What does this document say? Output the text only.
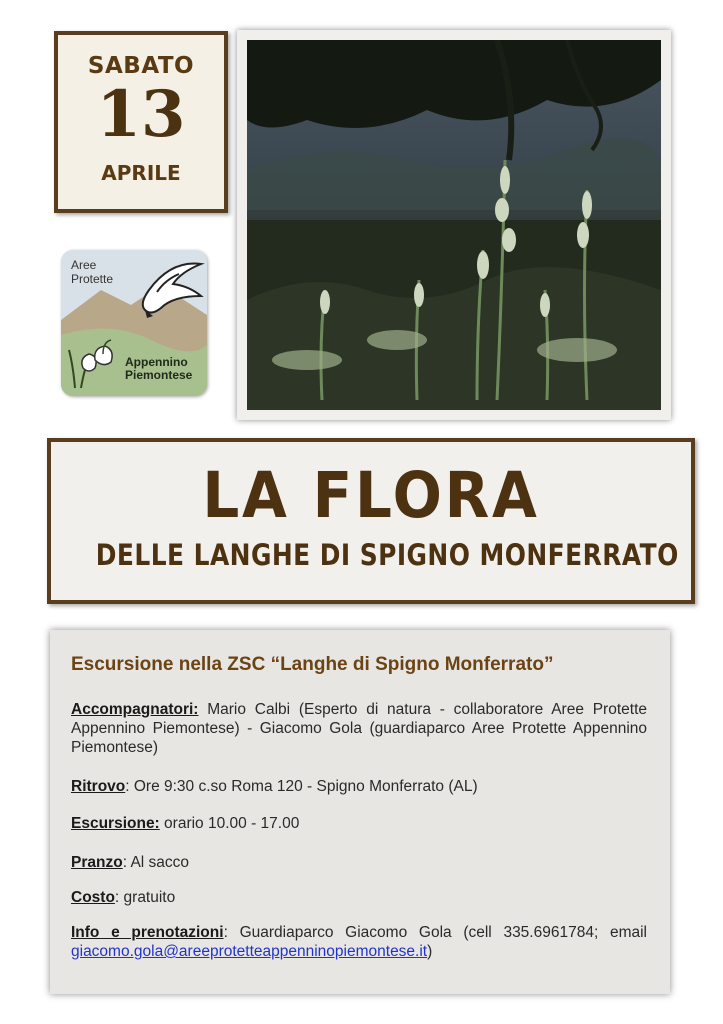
SABATO
13
APRILE
Aree
Protette
Appennino
Piemontese
LA FLORA
DELLE LANGHE DI SPIGNO MONFERRATO
Escursione nella ZSC “Langhe di Spigno Monferrato”
Accompagnatori: Mario Calbi (Esperto di natura - collaboratore Aree Protette Appennino Piemontese) - Giacomo Gola (guardiaparco Aree Protette Appennino Piemontese)
Ritrovo: Ore 9:30 c.so Roma 120 - Spigno Monferrato (AL)
Escursione: orario 10.00 - 17.00
Pranzo: Al sacco
Costo: gratuito
Info e prenotazioni: Guardiaparco Giacomo Gola (cell 335.6961784; email giacomo.gola@areeprotetteappenninopiemontese.it)
